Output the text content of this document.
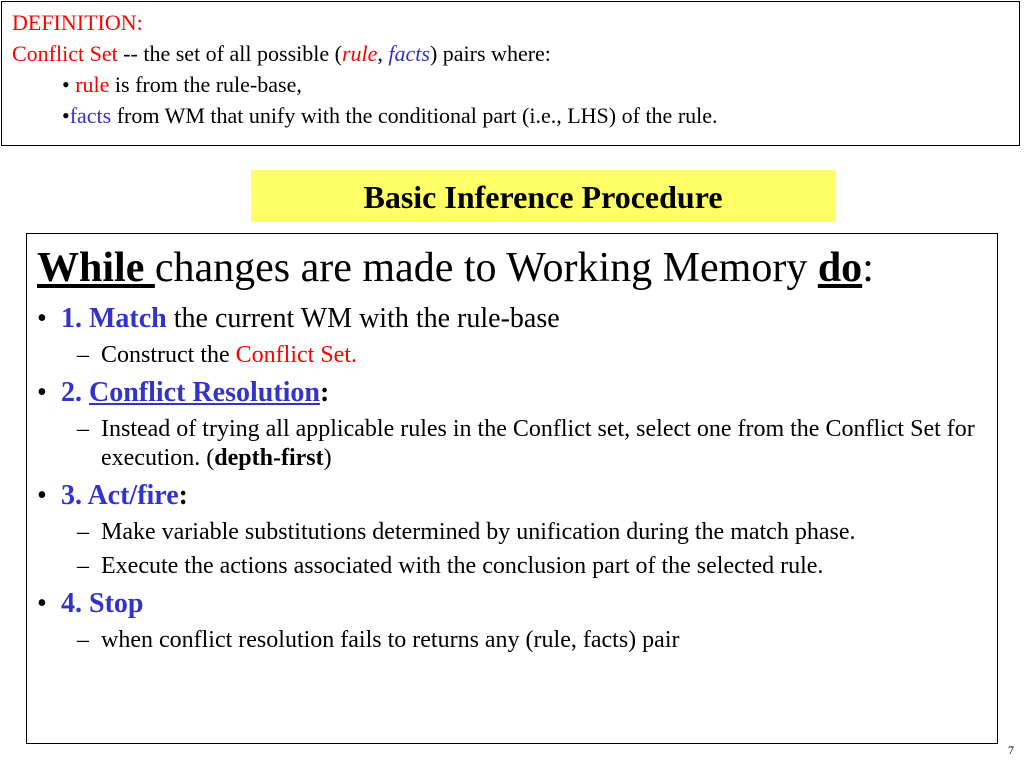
DEFINITION:
Conflict Set -- the set of all possible (rule, facts) pairs where:
• rule is from the rule-base,
•facts from WM that unify with the conditional part (i.e., LHS) of the rule.
Basic Inference Procedure
While changes are made to Working Memory do:
• 1. Match the current WM with the rule-base
– Construct the Conflict Set.
• 2. Conflict Resolution:
– Instead of trying all applicable rules in the Conflict set, select one from the Conflict Set for execution. (depth-first)
• 3. Act/fire:
– Make variable substitutions determined by unification during the match phase.
– Execute the actions associated with the conclusion part of the selected rule.
• 4. Stop
– when conflict resolution fails to returns any (rule, facts) pair
7
